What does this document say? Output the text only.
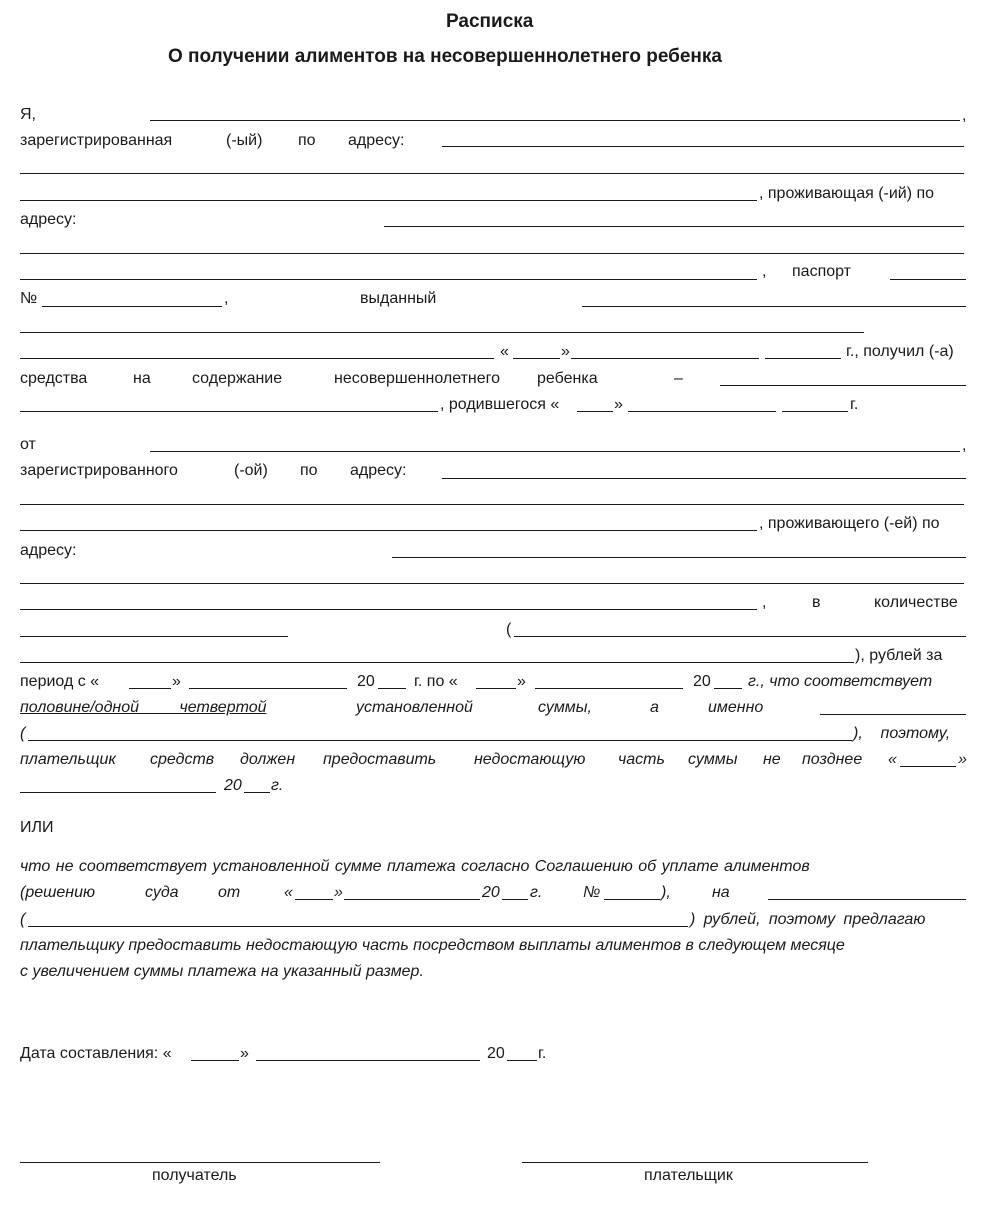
Расписка
О получении алиментов на несовершеннолетнего ребенка
Я,	,
зарегистрированная	(-ый) по адресу:
, проживающая (-ий) по
адресу:
, паспорт
№	,	выданный
«	»	г., получил (-а)
средства	на	содержание	несовершеннолетнего ребенка	–
, родившегося «	»	г.
от	,
зарегистрированного	(-ой) по адресу:
, проживающего (-ей) по
адресу:
,	в	количестве
(
), рублей за
период с «	»	20 г. по «	»	20 г., что соответствует
половине/одной четвертой	установленной	суммы,	а	именно
(	),    поэтому,
плательщик средств должен предоставить недостающую часть суммы не позднее «	»
20 г.
ИЛИ
что не соответствует установленной сумме платежа согласно Соглашению об уплате алиментов
(решению	суда от	«	»	20 г.	№	),	на
(	) рублей, поэтому предлагаю
плательщику предоставить недостающую часть посредством выплаты алиментов в следующем месяце
с увеличением суммы платежа на указанный размер.
Дата составления: «	»	20 г.
получатель	плательщик
